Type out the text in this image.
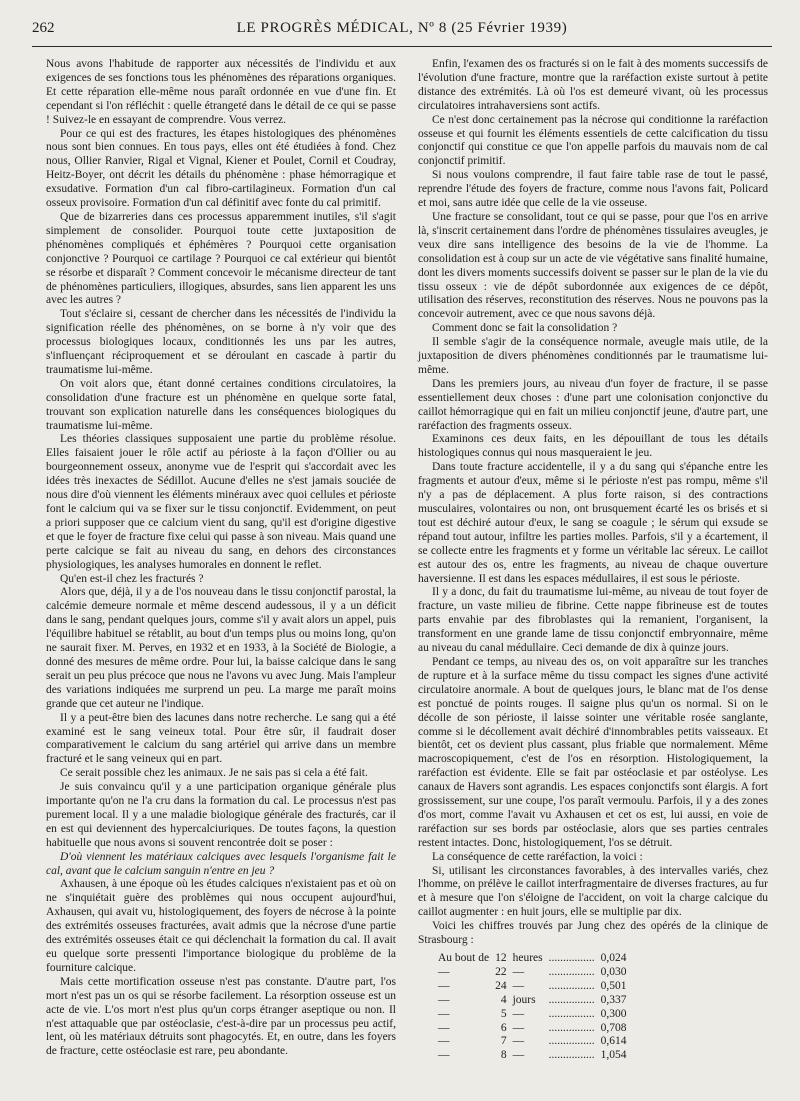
262	LE PROGRÈS MÉDICAL, Nº 8 (25 Février 1939)

Nous avons l'habitude de rapporter aux nécessités de l'individu et aux exigences de ses fonctions tous les phénomènes des réparations organiques. Et cette réparation elle-même nous paraît ordonnée en vue d'une fin. Et cependant si l'on réfléchit : quelle étrangeté dans le détail de ce qui se passe ! Suivez-le en essayant de comprendre. Vous verrez.

Pour ce qui est des fractures, les étapes histologiques des phénomènes nous sont bien connues. En tous pays, elles ont été étudiées à fond. Chez nous, Ollier Ranvier, Rigal et Vignal, Kiener et Poulet, Cornil et Coudray, Heitz-Boyer, ont décrit les détails du phénomène : phase hémorragique et exsudative. Formation d'un cal fibro-cartilagineux. Formation d'un cal osseux provisoire. Formation d'un cal définitif avec fonte du cal primitif.

Que de bizarreries dans ces processus apparemment inutiles, s'il s'agit simplement de consolider. Pourquoi toute cette juxtaposition de phénomènes compliqués et éphémères ? Pourquoi cette organisation conjonctive ? Pourquoi ce cartilage ? Pourquoi ce cal extérieur qui bientôt se résorbe et disparaît ? Comment concevoir le mécanisme directeur de tant de phénomènes particuliers, illogiques, absurdes, sans lien apparent les uns avec les autres ?

Tout s'éclaire si, cessant de chercher dans les nécessités de l'individu la signification réelle des phénomènes, on se borne à n'y voir que des processus biologiques locaux, conditionnés les uns par les autres, s'influençant réciproquement et se déroulant en cascade à partir du traumatisme lui-même.

On voit alors que, étant donné certaines conditions circulatoires, la consolidation d'une fracture est un phénomène en quelque sorte fatal, trouvant son explication naturelle dans les conséquences biologiques du traumatisme lui-même.

Les théories classiques supposaient une partie du problème résolue. Elles faisaient jouer le rôle actif au périoste à la façon d'Ollier ou au bourgeonnement osseux, anonyme vue de l'esprit qui s'accordait avec les idées très inexactes de Sédillot. Aucune d'elles ne s'est jamais souciée de nous dire d'où viennent les éléments minéraux avec quoi cellules et périoste font le calcium qui va se fixer sur le tissu conjonctif. Evidemment, on peut a priori supposer que ce calcium vient du sang, qu'il est d'origine digestive et que le foyer de fracture fixe celui qui passe à son niveau. Mais quand une perte calcique se fait au niveau du sang, en dehors des circonstances physiologiques, les analyses humorales en donnent le reflet.

Qu'en est-il chez les fracturés ?

Alors que, déjà, il y a de l'os nouveau dans le tissu conjonctif parostal, la calcémie demeure normale et même descend audessous, il y a un déficit dans le sang, pendant quelques jours, comme s'il y avait alors un appel, puis l'équilibre habituel se rétablit, au bout d'un temps plus ou moins long, qu'on ne saurait fixer. M. Perves, en 1932 et en 1933, à la Société de Biologie, a donné des mesures de même ordre. Pour lui, la baisse calcique dans le sang serait un peu plus précoce que nous ne l'avons vu avec Jung. Mais l'ampleur des variations indiquées me surprend un peu. La marge me paraît moins grande que cet auteur ne l'indique.

Il y a peut-être bien des lacunes dans notre recherche. Le sang qui a été examiné est le sang veineux total. Pour être sûr, il faudrait doser comparativement le calcium du sang artériel qui arrive dans un membre fracturé et le sang veineux qui en part.

Ce serait possible chez les animaux. Je ne sais pas si cela a été fait.

Je suis convaincu qu'il y a une participation organique générale plus importante qu'on ne l'a cru dans la formation du cal. Le processus n'est pas purement local. Il y a une maladie biologique générale des fracturés, car il en est qui deviennent des hypercalciuriques. De toutes façons, la question habituelle que nous avons si souvent rencontrée doit se poser :

D'où viennent les matériaux calciques avec lesquels l'organisme fait le cal, avant que le calcium sanguin n'entre en jeu ?

Axhausen, à une époque où les études calciques n'existaient pas et où on ne s'inquiétait guère des problèmes qui nous occupent aujourd'hui, Axhausen, qui avait vu, histologiquement, des foyers de nécrose à la pointe des extrémités osseuses fracturées, avait admis que la nécrose d'une partie des extrémités osseuses était ce qui déclenchait la formation du cal. Il avait eu quelque sorte pressenti l'importance biologique du problème de la fourniture calcique.

Mais cette mortification osseuse n'est pas constante. D'autre part, l'os mort n'est pas un os qui se résorbe facilement. La résorption osseuse est un acte de vie. L'os mort n'est plus qu'un corps étranger aseptique ou non. Il n'est attaquable que par ostéoclasie, c'est-à-dire par un processus peu actif, lent, où les matériaux détruits sont phagocytés. Et, en outre, dans les foyers de fracture, cette ostéoclasie est rare, peu abondante.

Enfin, l'examen des os fracturés si on le fait à des moments successifs de l'évolution d'une fracture, montre que la raréfaction existe surtout à petite distance des extrémités. Là où l'os est demeuré vivant, où les processus circulatoires intrahaversiens sont actifs.

Ce n'est donc certainement pas la nécrose qui conditionne la raréfaction osseuse et qui fournit les éléments essentiels de cette calcification du tissu conjonctif qui constitue ce que l'on appelle parfois du mauvais nom de cal conjonctif primitif.

Si nous voulons comprendre, il faut faire table rase de tout le passé, reprendre l'étude des foyers de fracture, comme nous l'avons fait, Policard et moi, sans autre idée que celle de la vie osseuse.

Une fracture se consolidant, tout ce qui se passe, pour que l'os en arrive là, s'inscrit certainement dans l'ordre de phénomènes tissulaires aveugles, je veux dire sans intelligence des besoins de la vie de l'homme. La consolidation est à coup sur un acte de vie végétative sans finalité humaine, dont les divers moments successifs doivent se passer sur le plan de la vie du tissu osseux : vie de dépôt subordonnée aux exigences de ce dépôt, utilisation des réserves, reconstitution des réserves. Nous ne pouvons pas la concevoir autrement, avec ce que nous savons déjà.

Comment donc se fait la consolidation ?

Il semble s'agir de la conséquence normale, aveugle mais utile, de la juxtaposition de divers phénomènes conditionnés par le traumatisme lui-même.

Dans les premiers jours, au niveau d'un foyer de fracture, il se passe essentiellement deux choses : d'une part une colonisation conjonctive du caillot hémorragique qui en fait un milieu conjonctif jeune, d'autre part, une raréfaction des fragments osseux.

Examinons ces deux faits, en les dépouillant de tous les détails histologiques connus qui nous masqueraient le jeu.

Dans toute fracture accidentelle, il y a du sang qui s'épanche entre les fragments et autour d'eux, même si le périoste n'est pas rompu, même s'il n'y a pas de déplacement. A plus forte raison, si des contractions musculaires, volontaires ou non, ont brusquement écarté les os brisés et si tout est déchiré autour d'eux, le sang se coagule ; le sérum qui exsude se répand tout autour, infiltre les parties molles. Parfois, s'il y a écartement, il se collecte entre les fragments et y forme un véritable lac séreux. Le caillot est autour des os, entre les fragments, au niveau de chaque ouverture haversienne. Il est dans les espaces médullaires, il est sous le périoste.

Il y a donc, du fait du traumatisme lui-même, au niveau de tout foyer de fracture, un vaste milieu de fibrine. Cette nappe fibrineuse est de toutes parts envahie par des fibroblastes qui la remanient, l'organisent, la transforment en une grande lame de tissu conjonctif embryonnaire, même au niveau du canal médullaire. Ceci demande de dix à quinze jours.

Pendant ce temps, au niveau des os, on voit apparaître sur les tranches de rupture et à la surface même du tissu compact les signes d'une activité circulatoire anormale. A bout de quelques jours, le blanc mat de l'os dense est ponctué de points rouges. Il saigne plus qu'un os normal. Si on le décolle de son périoste, il laisse sointer une véritable rosée sanglante, comme si le décollement avait déchiré d'innombrables petits vaisseaux. Et bientôt, cet os devient plus cassant, plus friable que normalement. Même macroscopiquement, c'est de l'os en résorption. Histologiquement, la raréfaction est évidente. Elle se fait par ostéoclasie et par ostéolyse. Les canaux de Havers sont agrandis. Les espaces conjonctifs sont élargis. A fort grossissement, sur une coupe, l'os paraît vermoulu. Parfois, il y a des zones d'os mort, comme l'avait vu Axhausen et cet os est, lui aussi, en voie de raréfaction sur ses bords par ostéoclasie, alors que ses parties centrales restent intactes. Donc, histologiquement, l'os se détruit.

La conséquence de cette raréfaction, la voici :

Si, utilisant les circonstances favorables, à des intervalles variés, chez l'homme, on prélève le caillot interfragmentaire de diverses fractures, au fur et à mesure que l'on s'éloigne de l'accident, on voit la charge calcique du caillot augmenter : en huit jours, elle se multiplie par dix.

Voici les chiffres trouvés par Jung chez des opérés de la clinique de Strasbourg :

Au bout de	12	heures	................	0,024
—	22	—	................	0,030
—	24	—	................	0,501
—	4	jours	................	0,337
—	5	—	................	0,300
—	6	—	................	0,708
—	7	—	................	0,614
—	8	—	................	1,054
